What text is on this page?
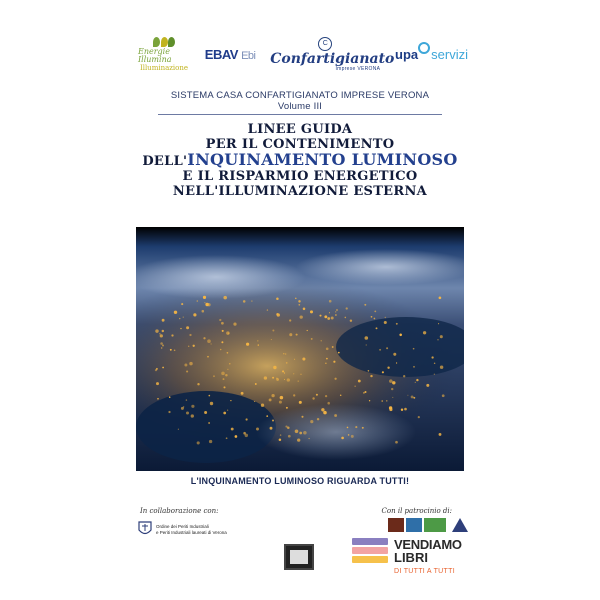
Energie Illumina
Illuminazione
EBAV Ebi
C
Confartigianato
Imprese VERONA
upa servizi
SISTEMA CASA CONFARTIGIANATO IMPRESE VERONA
Volume III
LINEE GUIDA
PER IL CONTENIMENTO
DELL'INQUINAMENTO LUMINOSO
E IL RISPARMIO ENERGETICO
NELL'ILLUMINAZIONE ESTERNA
L'INQUINAMENTO LUMINOSO RIGUARDA TUTTI!
In collaborazione con:	Con il patrocinio di:
Ordine dei Periti Industriali
e Periti Industriali laureati di Verona
VENDIAMO
LIBRI
DI TUTTI A TUTTI
